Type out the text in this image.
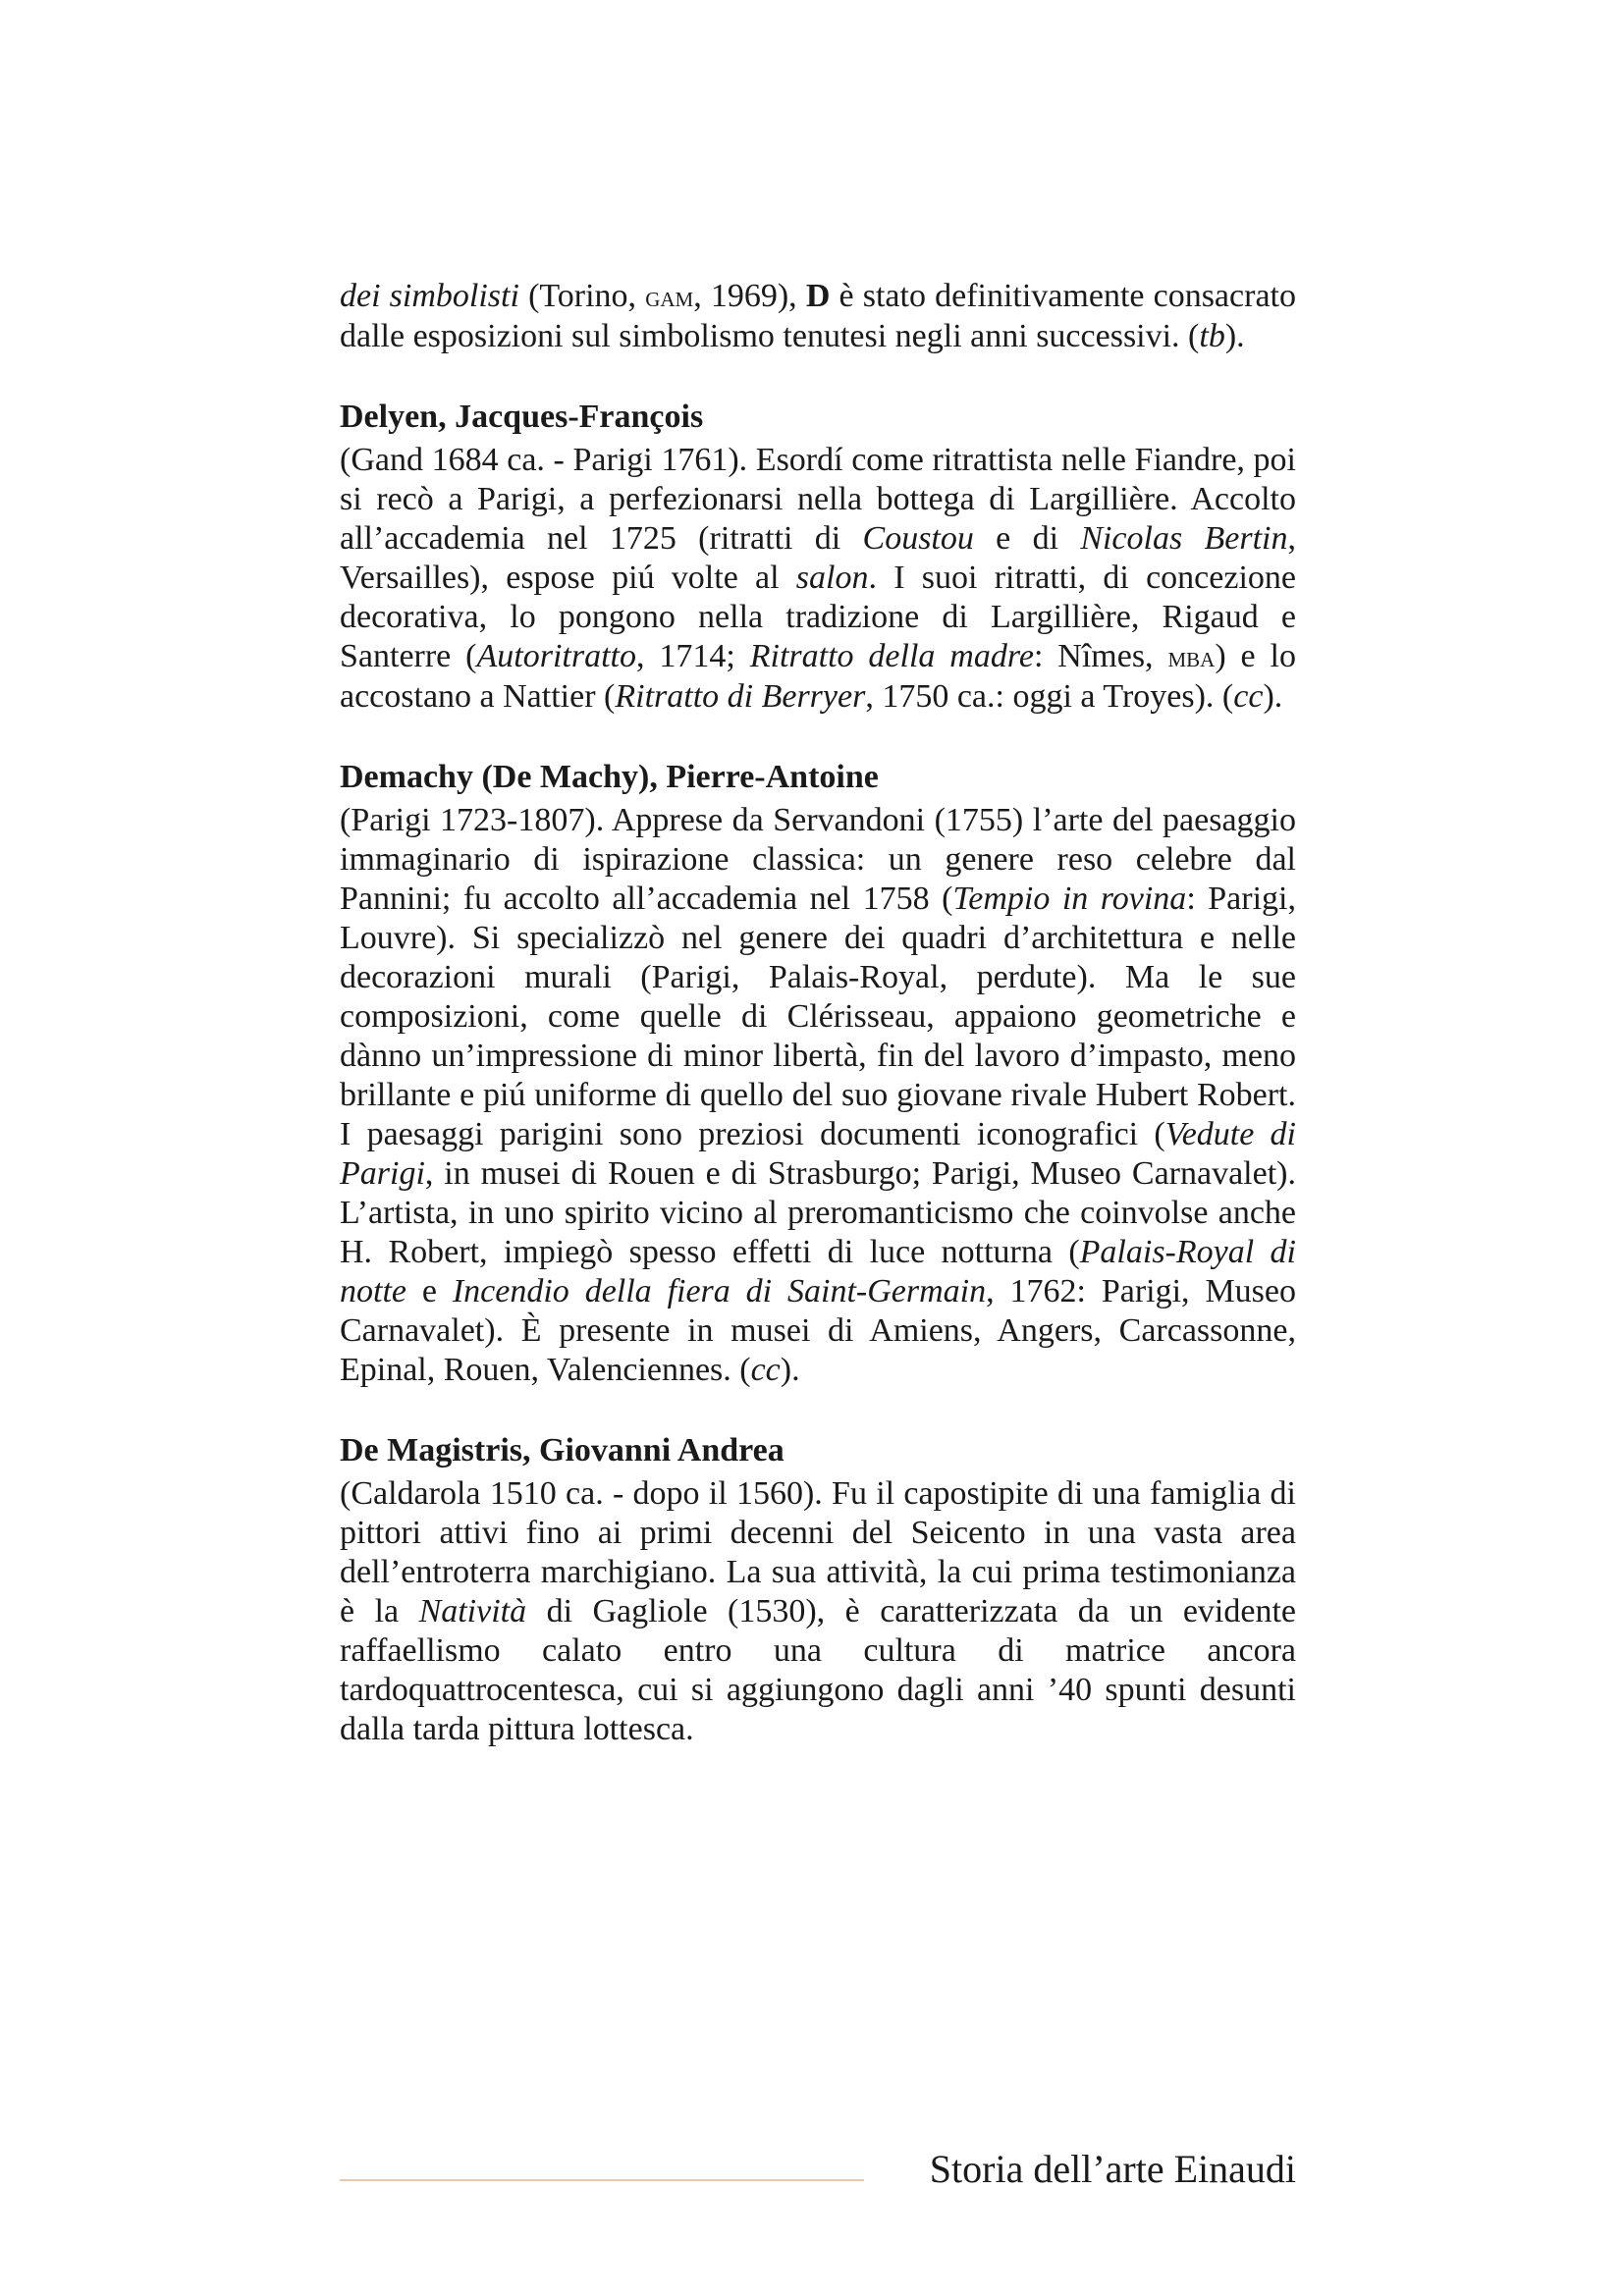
dei simbolisti (Torino, gam, 1969), D è stato definitivamente consacrato dalle esposizioni sul simbolismo tenutesi negli anni successivi. (tb).

Delyen, Jacques-François

(Gand 1684 ca. - Parigi 1761). Esordí come ritrattista nelle Fiandre, poi si recò a Parigi, a perfezionarsi nella bottega di Largillière. Accolto all’accademia nel 1725 (ritratti di Coustou e di Nicolas Bertin, Versailles), espose piú volte al salon. I suoi ritratti, di concezione decorativa, lo pongono nella tradizione di Largillière, Rigaud e Santerre (Autoritratto, 1714; Ritratto della madre: Nîmes, mba) e lo accostano a Nattier (Ritratto di Berryer, 1750 ca.: oggi a Troyes). (cc).

Demachy (De Machy), Pierre-Antoine

(Parigi 1723-1807). Apprese da Servandoni (1755) l’arte del paesaggio immaginario di ispirazione classica: un genere reso celebre dal Pannini; fu accolto all’accademia nel 1758 (Tempio in rovina: Parigi, Louvre). Si specializzò nel genere dei quadri d’architettura e nelle decorazioni murali (Parigi, Palais-Royal, perdute). Ma le sue composizioni, come quelle di Clérisseau, appaiono geometriche e dànno un’impressione di minor libertà, fin del lavoro d’impasto, meno brillante e piú uniforme di quello del suo giovane rivale Hubert Robert. I paesaggi parigini sono preziosi documenti iconografici (Vedute di Parigi, in musei di Rouen e di Strasburgo; Parigi, Museo Carnavalet). L’artista, in uno spirito vicino al preromanticismo che coinvolse anche H. Robert, impiegò spesso effetti di luce notturna (Palais-Royal di notte e Incendio della fiera di Saint-Germain, 1762: Parigi, Museo Carnavalet). È presente in musei di Amiens, Angers, Carcassonne, Epinal, Rouen, Valenciennes. (cc).

De Magistris, Giovanni Andrea

(Caldarola 1510 ca. - dopo il 1560). Fu il capostipite di una famiglia di pittori attivi fino ai primi decenni del Seicento in una vasta area dell’entroterra marchigiano. La sua attività, la cui prima testimonianza è la Natività di Gagliole (1530), è caratterizzata da un evidente raffaellismo calato entro una cultura di matrice ancora tardoquattrocentesca, cui si aggiungono dagli anni ’40 spunti desunti dalla tarda pittura lottesca.

Storia dell’arte Einaudi
